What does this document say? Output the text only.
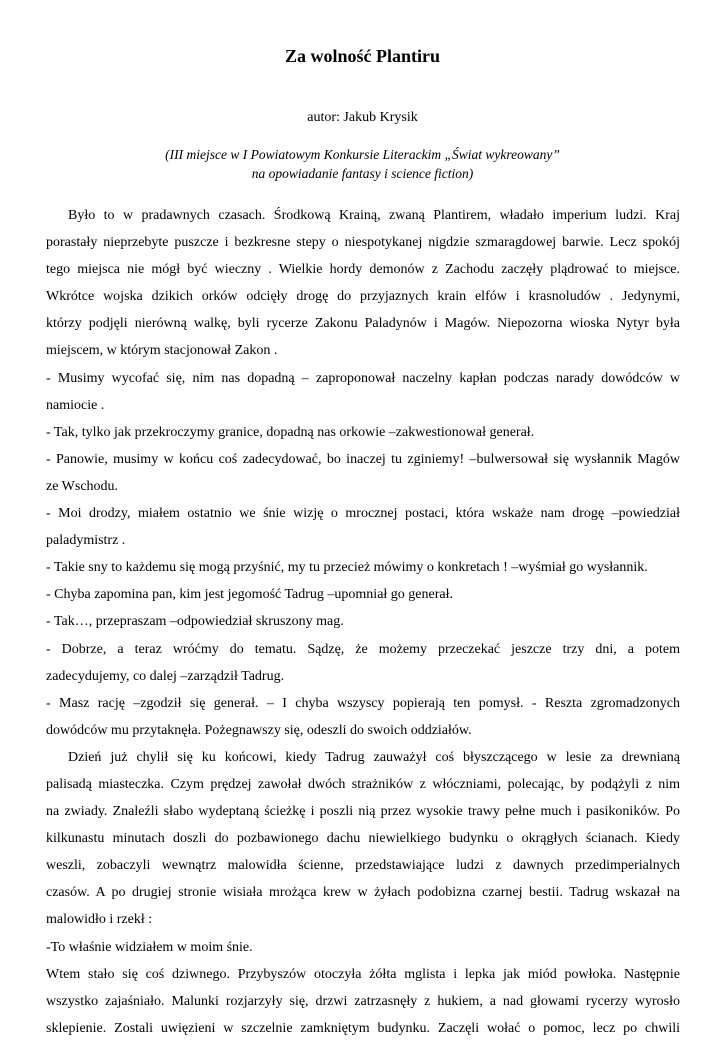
Za wolność Plantiru
autor: Jakub Krysik
(III miejsce w I Powiatowym Konkursie Literackim „Świat wykreowany”
na opowiadanie fantasy i science fiction)
Było to w pradawnych czasach. Środkową Krainą, zwaną Plantirem, władało imperium ludzi. Kraj
porastały nieprzebyte puszcze i bezkresne stepy o niespotykanej nigdzie szmaragdowej barwie. Lecz spokój
tego miejsca nie mógł być wieczny . Wielkie hordy demonów z Zachodu zaczęły plądrować to miejsce.
Wkrótce wojska dzikich orków odcięły drogę do przyjaznych krain elfów i krasnoludów . Jedynymi,
którzy podjęli nierówną walkę, byli rycerze Zakonu Paladynów i Magów. Niepozorna wioska Nytyr była
miejscem, w którym stacjonował Zakon .
- Musimy wycofać się, nim nas dopadną – zaproponował naczelny kapłan podczas narady dowódców w
namiocie .
- Tak, tylko jak przekroczymy granice, dopadną nas orkowie –zakwestionował generał.
- Panowie, musimy w końcu coś zadecydować, bo inaczej tu zginiemy! –bulwersował się wysłannik Magów
ze Wschodu.
- Moi drodzy, miałem ostatnio we śnie wizję o mrocznej postaci, która wskaże nam drogę –powiedział
paladymistrz .
- Takie sny to każdemu się mogą przyśnić, my tu przecież mówimy o konkretach ! –wyśmiał go wysłannik.
- Chyba zapomina pan, kim jest jegomość Tadrug –upomniał go generał.
- Tak…, przepraszam –odpowiedział skruszony mag.
- Dobrze, a teraz wróćmy do tematu. Sądzę, że możemy przeczekać jeszcze trzy dni, a potem
zadecydujemy, co dalej –zarządził Tadrug.
- Masz rację –zgodził się generał. – I chyba wszyscy popierają ten pomysł. - Reszta zgromadzonych
dowódców mu przytaknęła. Pożegnawszy się, odeszli do swoich oddziałów.
Dzień już chylił się ku końcowi, kiedy Tadrug zauważył coś błyszczącego w lesie za drewnianą
palisadą miasteczka. Czym prędzej zawołał dwóch strażników z włóczniami, polecając, by podążyli z nim
na zwiady. Znaleźli słabo wydeptaną ścieżkę i poszli nią przez wysokie trawy pełne much i pasikoników. Po
kilkunastu minutach doszli do pozbawionego dachu niewielkiego budynku o okrągłych ścianach. Kiedy
weszli, zobaczyli wewnątrz malowidła ścienne, przedstawiające ludzi z dawnych przedimperialnych
czasów. A po drugiej stronie wisiała mrożąca krew w żyłach podobizna czarnej bestii. Tadrug wskazał na
malowidło i rzekł :
-To właśnie widziałem w moim śnie.
Wtem stało się coś dziwnego. Przybyszów otoczyła żółta mglista i lepka jak miód powłoka. Następnie
wszystko zajaśniało. Malunki rozjarzyły się, drzwi zatrzasnęły z hukiem, a nad głowami rycerzy wyrosło
sklepienie. Zostali uwięzieni w szczelnie zamkniętym budynku. Zaczęli wołać o pomoc, lecz po chwili
